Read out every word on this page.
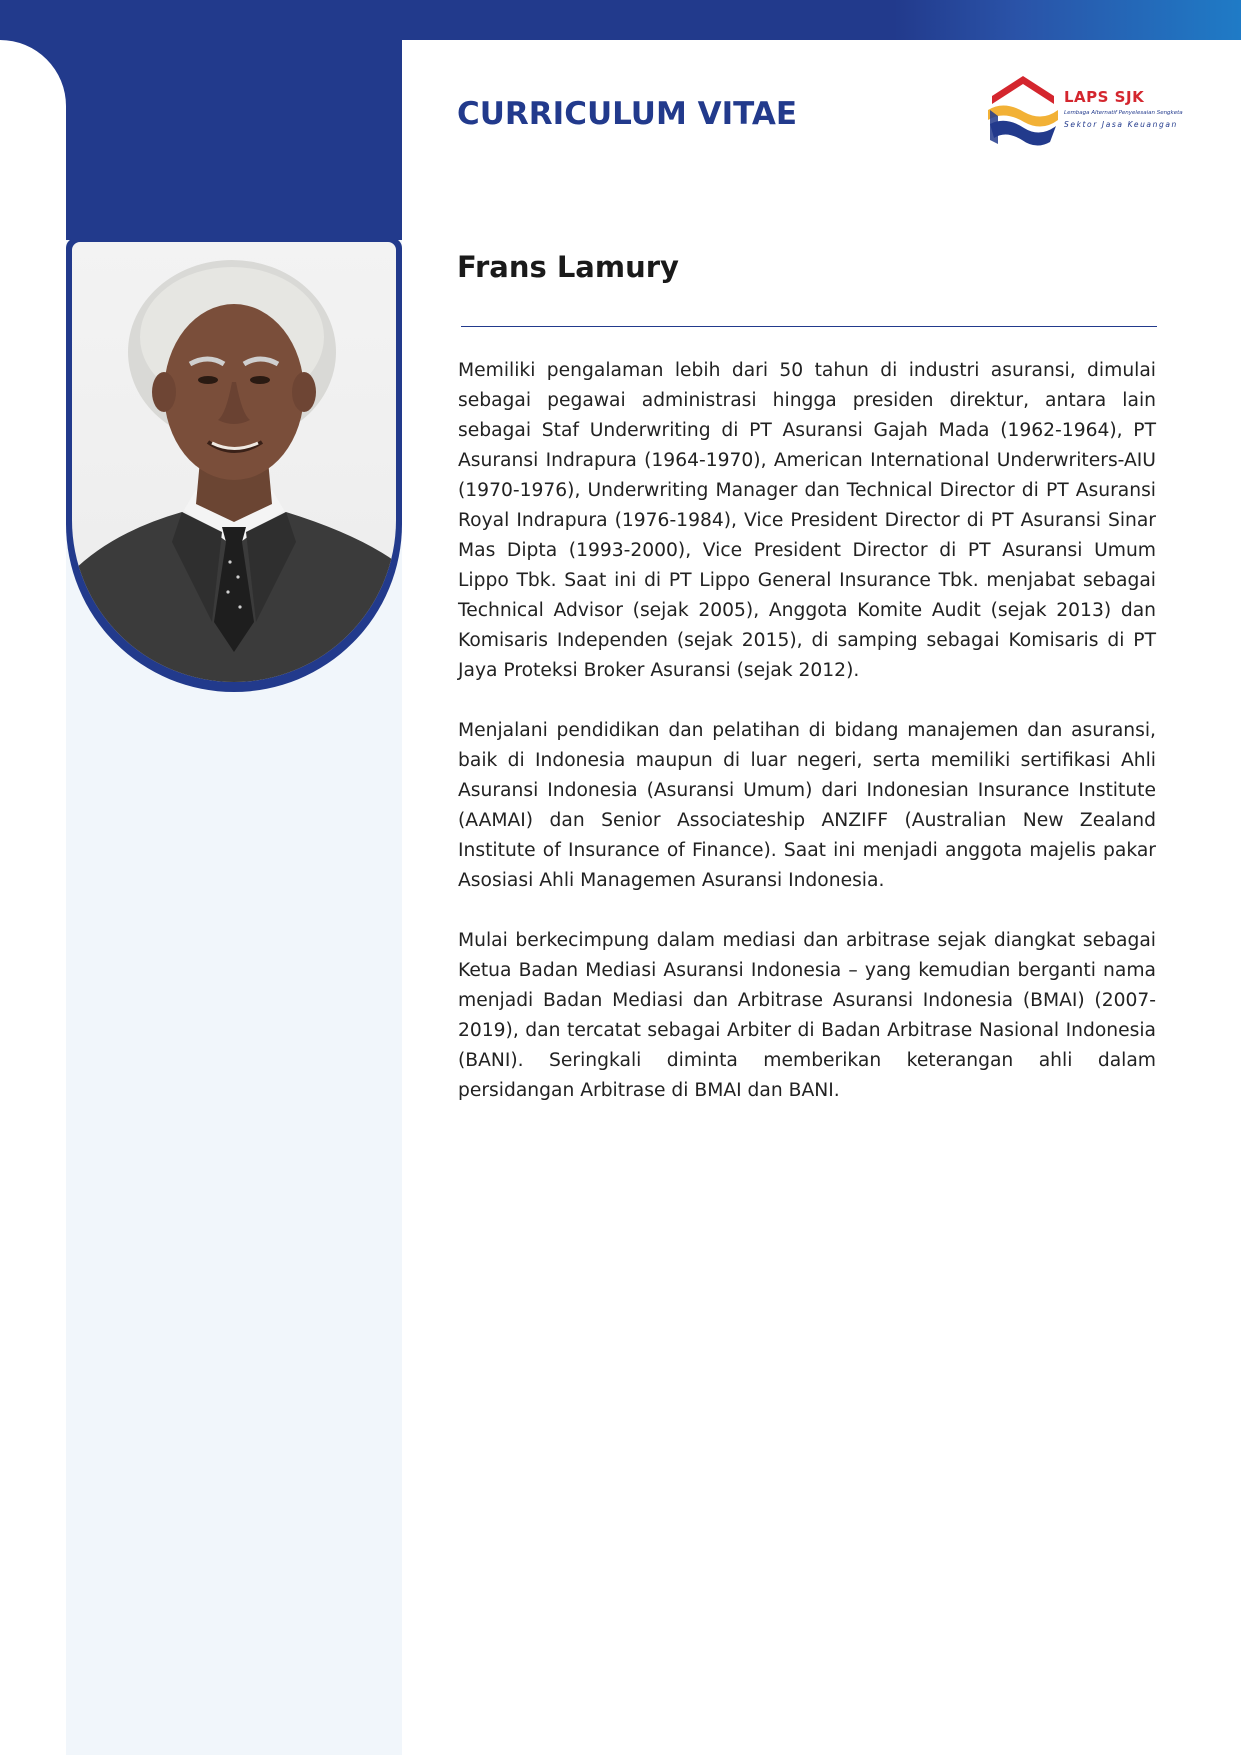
CURRICULUM VITAE	LAPS SJK
Lembaga Alternatif Penyelesaian Sengketa
Sektor Jasa Keuangan
Frans Lamury

Memiliki pengalaman lebih dari 50 tahun di industri asuransi, dimulai sebagai pegawai administrasi hingga presiden direktur, antara lain sebagai Staf Underwriting di PT Asuransi Gajah Mada (1962-1964), PT Asuransi Indrapura (1964-1970), American International Underwriters-AIU (1970-1976), Underwriting Manager dan Technical Director di PT Asuransi Royal Indrapura (1976-1984), Vice President Director di PT Asuransi Sinar Mas Dipta (1993-2000), Vice President Director di PT Asuransi Umum Lippo Tbk. Saat ini di PT Lippo General Insurance Tbk. menjabat sebagai Technical Advisor (sejak 2005), Anggota Komite Audit (sejak 2013) dan Komisaris Independen (sejak 2015), di samping sebagai Komisaris di PT Jaya Proteksi Broker Asuransi (sejak 2012).

Menjalani pendidikan dan pelatihan di bidang manajemen dan asuransi, baik di Indonesia maupun di luar negeri, serta memiliki sertifikasi Ahli Asuransi Indonesia (Asuransi Umum) dari Indonesian Insurance Institute (AAMAI) dan Senior Associateship ANZIFF (Australian New Zealand Institute of Insurance of Finance). Saat ini menjadi anggota majelis pakar Asosiasi Ahli Managemen Asuransi Indonesia.

Mulai berkecimpung dalam mediasi dan arbitrase sejak diangkat sebagai Ketua Badan Mediasi Asuransi Indonesia – yang kemudian berganti nama menjadi Badan Mediasi dan Arbitrase Asuransi Indonesia (BMAI) (2007-2019), dan tercatat sebagai Arbiter di Badan Arbitrase Nasional Indonesia (BANI). Seringkali diminta memberikan keterangan ahli dalam persidangan Arbitrase di BMAI dan BANI.
